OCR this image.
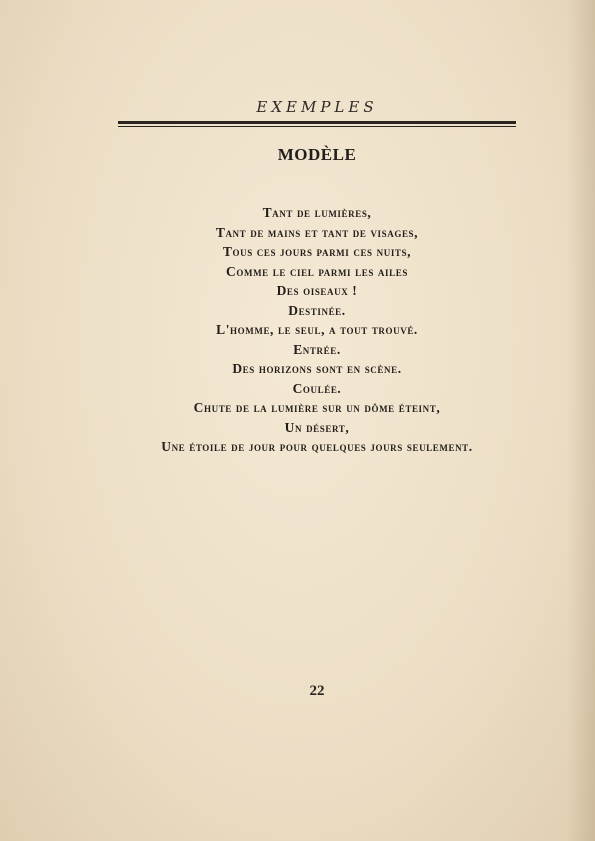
EXEMPLES
MODÈLE
Tant de lumières,
Tant de mains et tant de visages,
Tous ces jours parmi ces nuits,
Comme le ciel parmi les ailes
Des oiseaux !
Destinée.
L'homme, le seul, a tout trouvé.
Entrée.
Des horizons sont en scène.
Coulée.
Chute de la lumière sur un dôme éteint,
Un désert,
Une étoile de jour pour quelques jours seulement.
22
